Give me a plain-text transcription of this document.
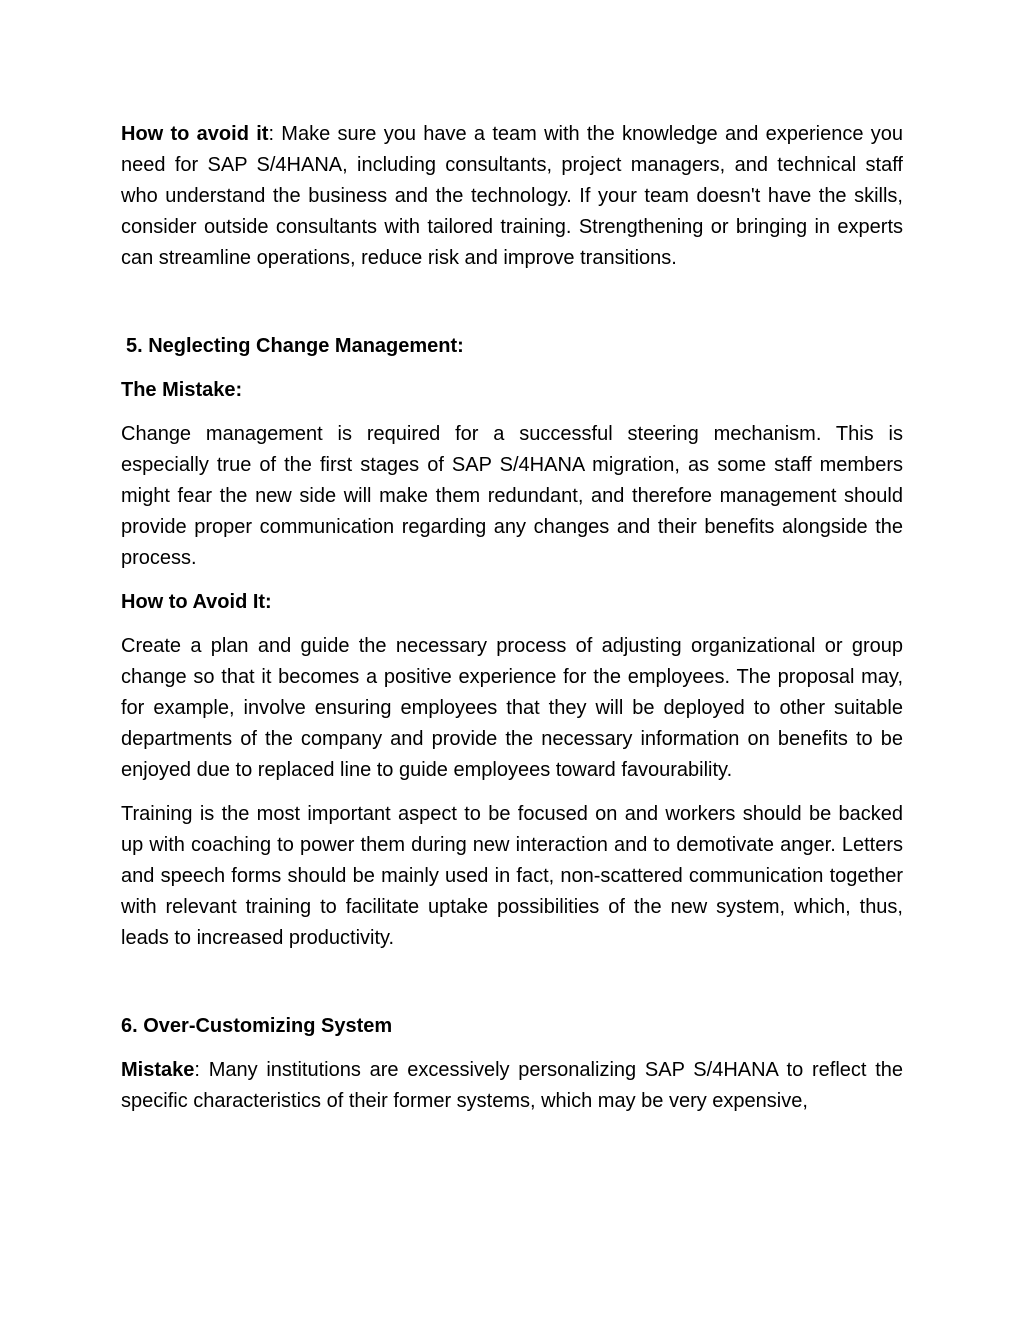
How to avoid it: Make sure you have a team with the knowledge and experience you need for SAP S/4HANA, including consultants, project managers, and technical staff who understand the business and the technology. If your team doesn't have the skills, consider outside consultants with tailored training. Strengthening or bringing in experts can streamline operations, reduce risk and improve transitions.

5. Neglecting Change Management:

The Mistake:

Change management is required for a successful steering mechanism. This is especially true of the first stages of SAP S/4HANA migration, as some staff members might fear the new side will make them redundant, and therefore management should provide proper communication regarding any changes and their benefits alongside the process.

How to Avoid It:

Create a plan and guide the necessary process of adjusting organizational or group change so that it becomes a positive experience for the employees. The proposal may, for example, involve ensuring employees that they will be deployed to other suitable departments of the company and provide the necessary information on benefits to be enjoyed due to replaced line to guide employees toward favourability.

Training is the most important aspect to be focused on and workers should be backed up with coaching to power them during new interaction and to demotivate anger. Letters and speech forms should be mainly used in fact, non-scattered communication together with relevant training to facilitate uptake possibilities of the new system, which, thus, leads to increased productivity.

6. Over-Customizing System

Mistake: Many institutions are excessively personalizing SAP S/4HANA to reflect the specific characteristics of their former systems, which may be very expensive,
